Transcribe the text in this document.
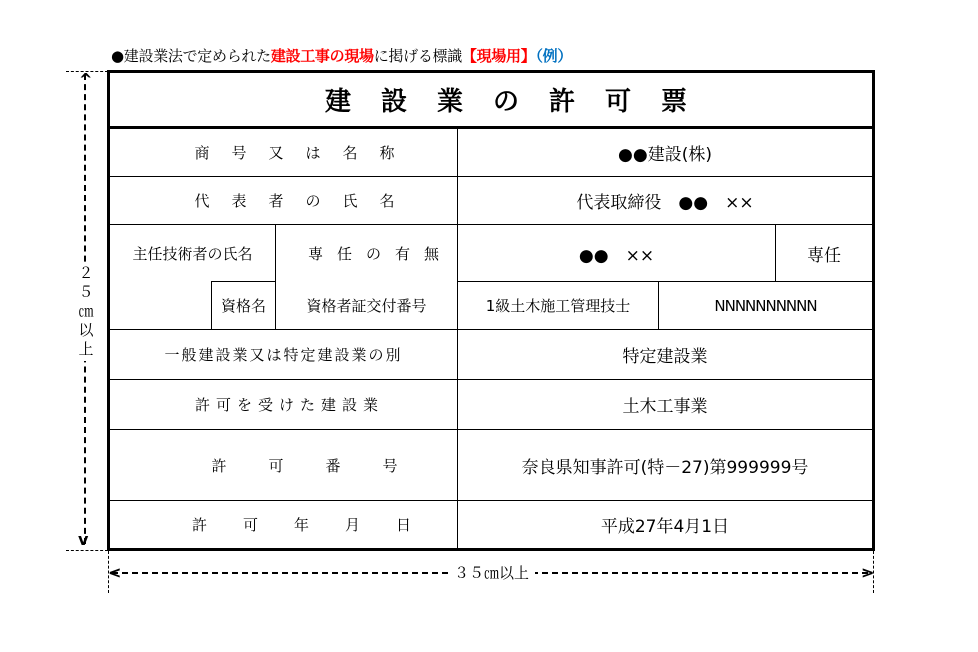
●建設業法で定められた建設工事の現場に掲げる標識【現場用】（例）
^
v
２
５
㎝
以
上
<	>
３５㎝以上
建設業の許可票
商号又は名称	●●建設(株)
代表者の氏名	代表取締役　●●　××
主任技術者の氏名	専任の有無	●●　××	専任
資格名	資格者証交付番号	1級土木施工管理技士	NNNNNNNNNN
一般建設業又は特定建設業の別	特定建設業
許可を受けた建設業	土木工事業
許可番号	奈良県知事許可(特－27)第999999号
許可年月日	平成27年4月1日
